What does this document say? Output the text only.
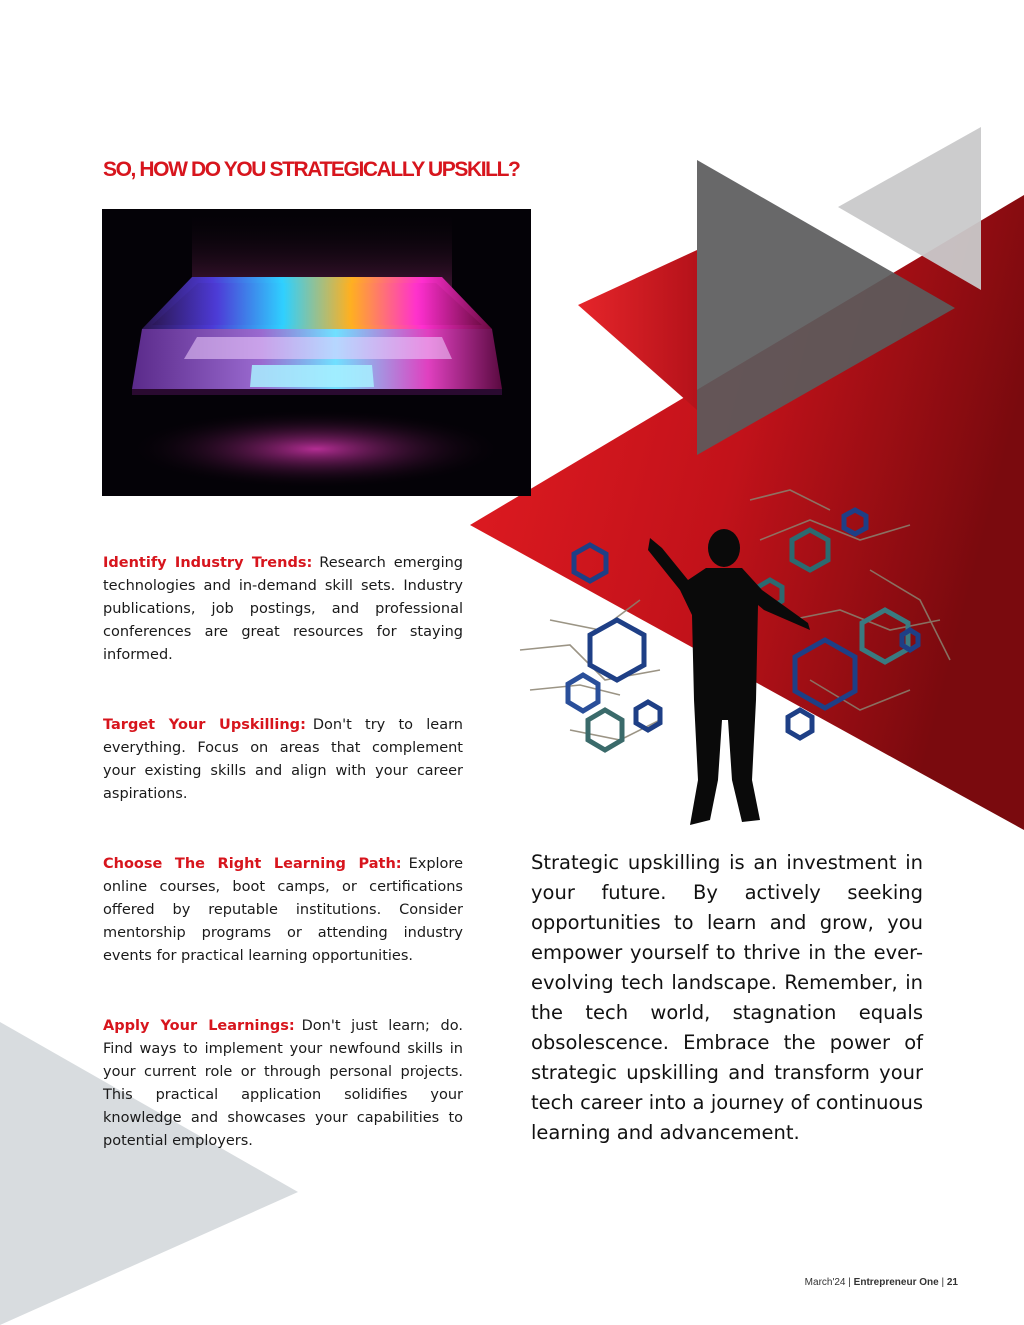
SO, HOW DO YOU STRATEGICALLY UPSKILL?

Identify Industry Trends: Research emerging technologies and in-demand skill sets. Industry publications, job postings, and professional conferences are great resources for staying informed.

Target Your Upskilling: Don't try to learn everything. Focus on areas that complement your existing skills and align with your career aspirations.

Choose The Right Learning Path: Explore online courses, boot camps, or certifications offered by reputable institutions. Consider mentorship programs or attending industry events for practical learning opportunities.

Apply Your Learnings: Don't just learn; do. Find ways to implement your newfound skills in your current role or through personal projects. This practical application solidifies your knowledge and showcases your capabilities to potential employers.

Strategic upskilling is an investment in your future. By actively seeking opportunities to learn and grow, you empower yourself to thrive in the ever-evolving tech landscape. Remember, in the tech world, stagnation equals obsolescence. Embrace the power of strategic upskilling and transform your tech career into a journey of continuous learning and advancement.

March'24 | Entrepreneur One | 21
